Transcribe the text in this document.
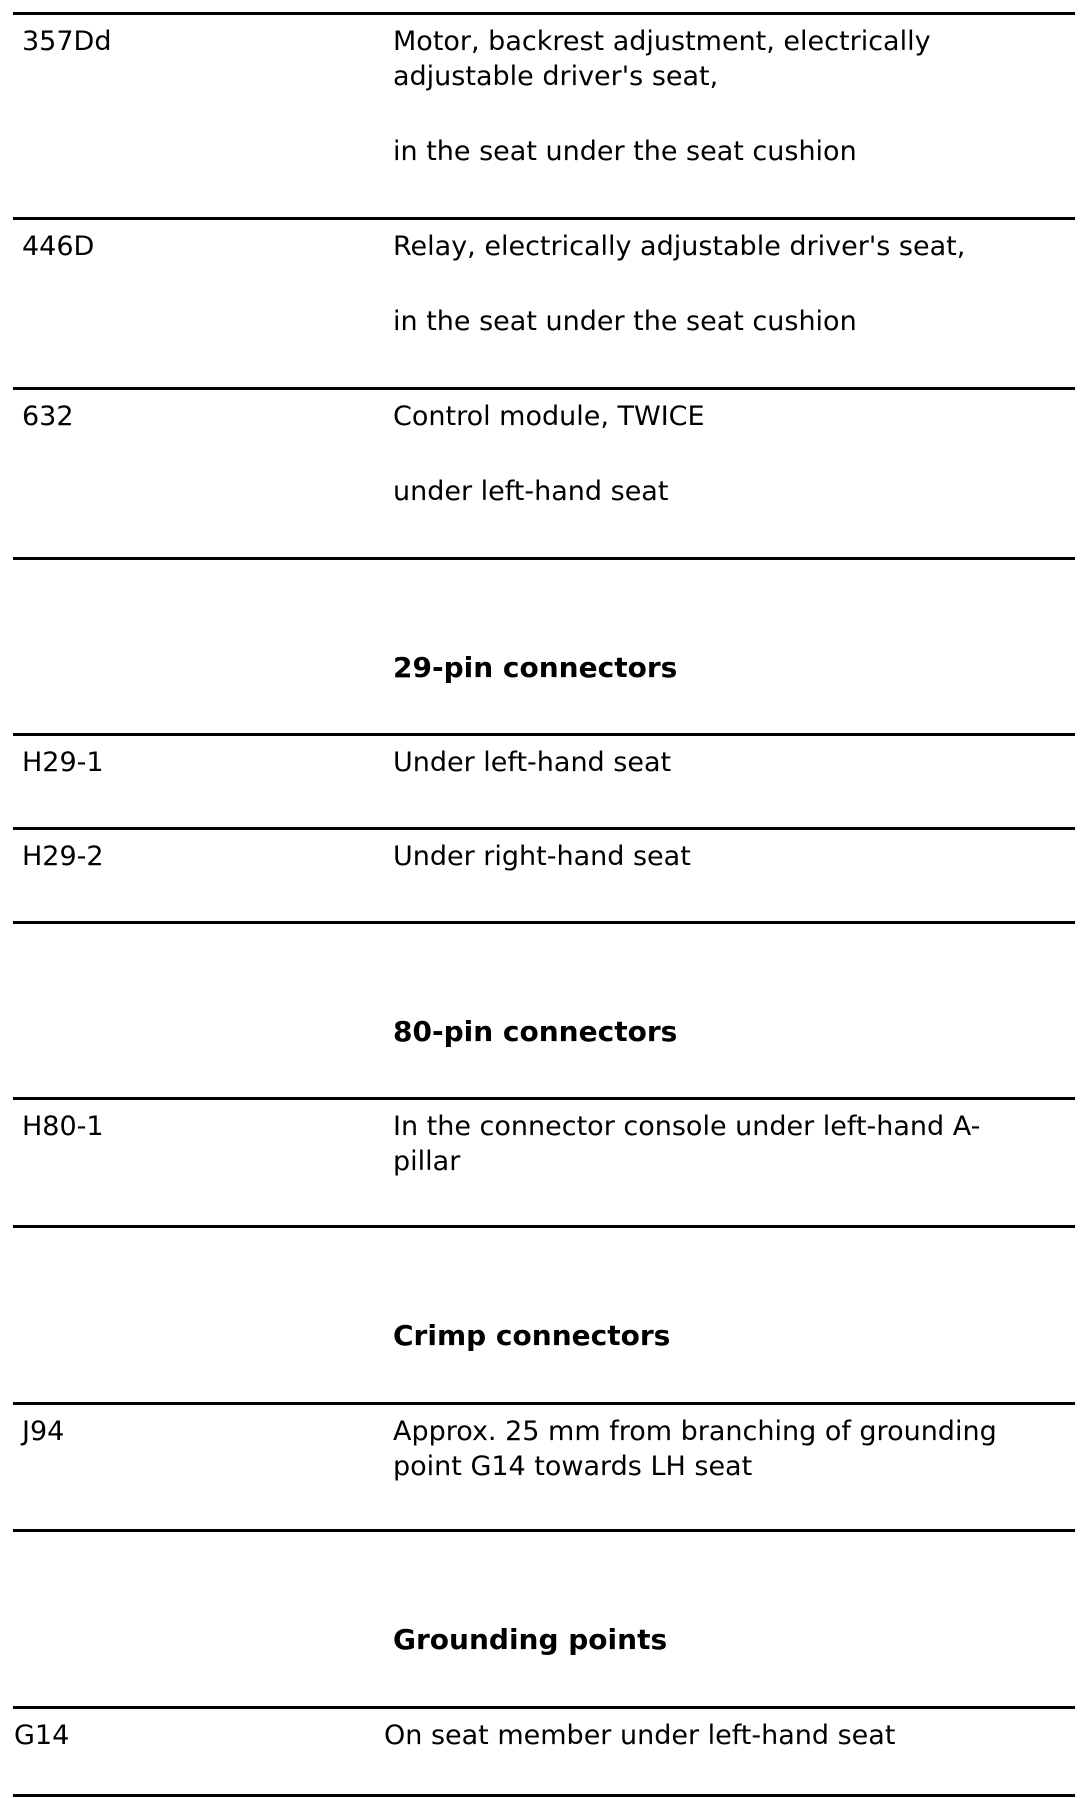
357Dd	Motor, backrest adjustment, electrically
adjustable driver's seat,
in the seat under the seat cushion
446D	Relay, electrically adjustable driver's seat,
in the seat under the seat cushion
632	Control module, TWICE
under left-hand seat
29-pin connectors
H29-1	Under left-hand seat
H29-2	Under right-hand seat
80-pin connectors
H80-1	In the connector console under left-hand A-
pillar
Crimp connectors
J94	Approx. 25 mm from branching of grounding
point G14 towards LH seat
Grounding points
G14	On seat member under left-hand seat
